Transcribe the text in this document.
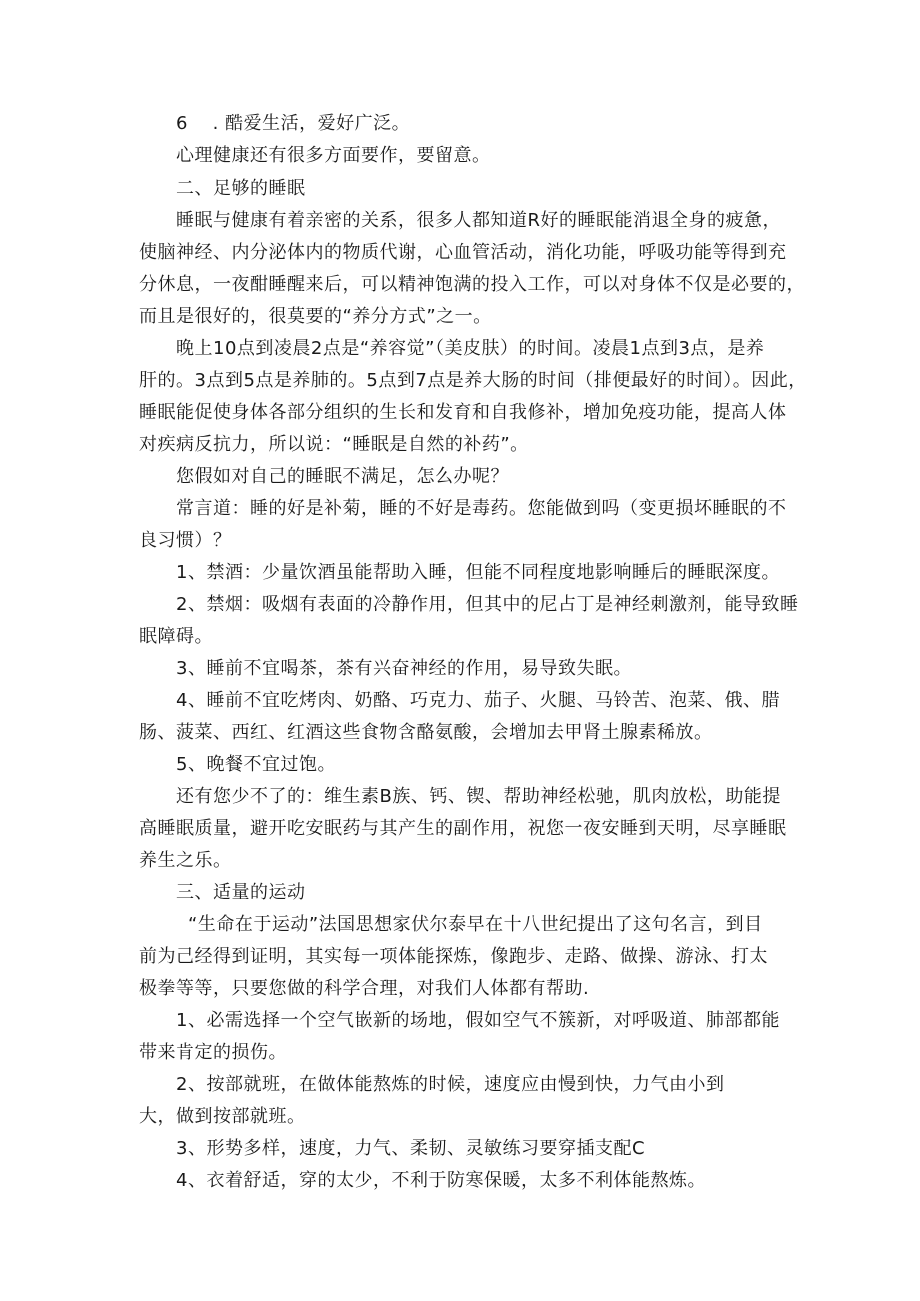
6 　. 酷爱生活，爱好广泛。
心理健康还有很多方面要作，要留意。
二、足够的睡眠
睡眠与健康有着亲密的关系，很多人都知道R好的睡眠能消退全身的疲惫，
使脑神经、内分泌体内的物质代谢，心血管活动，消化功能，呼吸功能等得到充
分休息，一夜酣睡醒来后，可以精神饱满的投入工作，可以对身体不仅是必要的，
而且是很好的，很莫要的“养分方式”之一。
晚上10点到凌晨2点是“养容觉”（美皮肤）的时间。凌晨1点到3点，是养
肝的。3点到5点是养肺的。5点到7点是养大肠的时间（排便最好的时间）。因此，
睡眠能促使身体各部分组织的生长和发育和自我修补，增加免疫功能，提高人体
对疾病反抗力，所以说：“睡眠是自然的补药”。
您假如对自己的睡眠不满足，怎么办呢？
常言道：睡的好是补菊，睡的不好是毒药。您能做到吗（变更损坏睡眠的不
良习惯）？
1、禁酒：少量饮酒虽能帮助入睡，但能不同程度地影响睡后的睡眠深度。
2、禁烟：吸烟有表面的冷静作用，但其中的尼占丁是神经刺激剂，能导致睡
眠障碍。
3、睡前不宜喝茶，茶有兴奋神经的作用，易导致失眠。
4、睡前不宜吃烤肉、奶酪、巧克力、茄子、火腿、马铃苦、泡菜、俄、腊
肠、菠菜、西红、红酒这些食物含酪氨酸，会增加去甲肾土腺素稀放。
5、晚餐不宜过饱。
还有您少不了的：维生素B族、钙、锲、帮助神经松驰，肌肉放松，助能提
高睡眠质量，避开吃安眠药与其产生的副作用，祝您一夜安睡到天明，尽享睡眠
养生之乐。
三、适量的运动
“生命在于运动”法国思想家伏尔泰早在十八世纪提出了这句名言，到目
前为己经得到证明，其实每一项体能探炼，像跑步、走路、做操、游泳、打太
极拳等等，只要您做的科学合理，对我们人体都有帮助.
1、必需选择一个空气嵌新的场地，假如空气不簇新，对呼吸道、肺部都能
带来肯定的损伤。
2、按部就班，在做体能熬炼的时候，速度应由慢到快，力气由小到
大，做到按部就班。
3、形势多样，速度，力气、柔韧、灵敏练习要穿插支配C
4、衣着舒适，穿的太少，不利于防寒保暖，太多不利体能熬炼。
